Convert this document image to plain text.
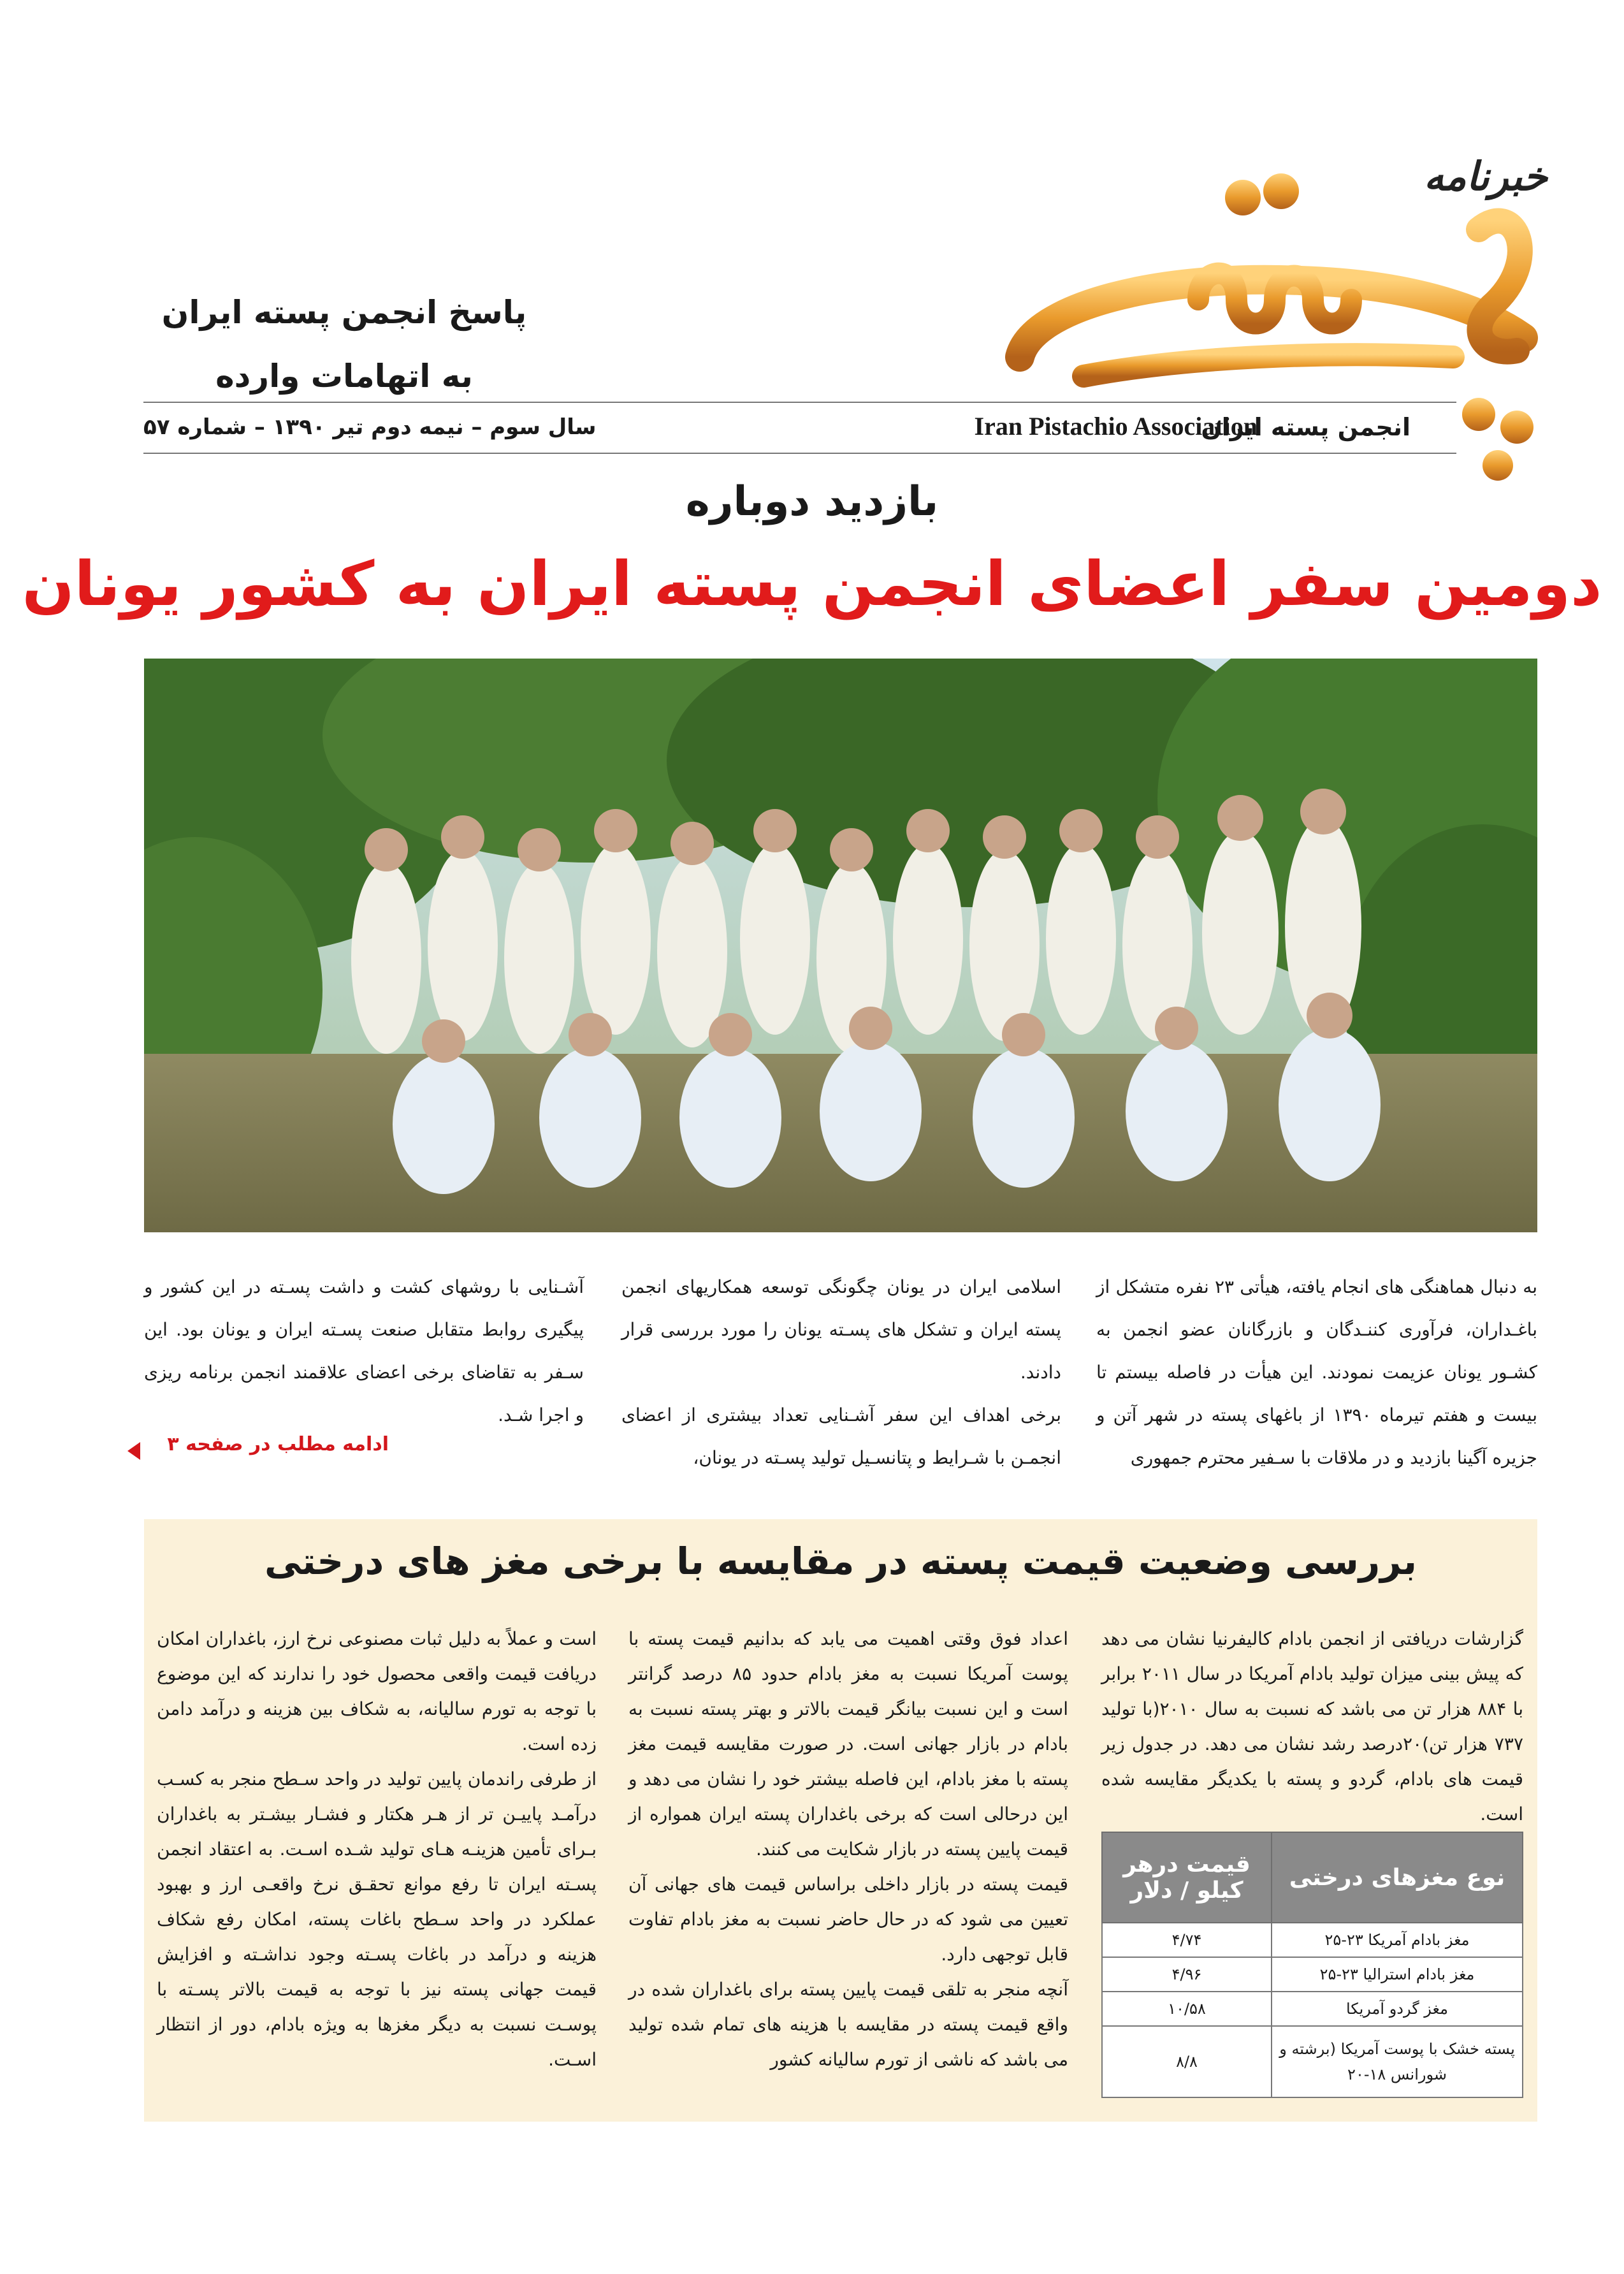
خبرنامه
پاسخ انجمن پسته ایران
به اتهامات وارده
انجمن پسته ایران
Iran Pistachio Association
سال سوم – نیمه دوم تیر ۱۳۹۰ – شماره ۵۷
بازدید دوباره
دومین سفر اعضای انجمن پسته ایران به کشور یونان
به دنبال هماهنگی های انجام یافته، هیأتی ۲۳ نفره متشکل از باغـداران، فرآوری کننـدگان و بازرگانان عضو انجمن به کشـور یونان عزیمت نمودند. این هیأت در فاصله بیستم تا بیست و هفتم تیرماه ۱۳۹۰ از باغهای پسته در شهر آتن و جزیره آگینا بازدید و در ملاقات با سـفیر محترم جمهوری
اسلامی ایران در یونان چگونگی توسعه همکاریهای انجمن پسته ایران و تشکل های پسـته یونان را مورد بررسی قرار دادند.
برخی اهداف این سفر آشـنایی تعداد بیشتری از اعضای انجمـن با شـرایط و پتانسـیل تولید پسـته در یونان،
آشـنایی با روشهای کشت و داشت پسـته در این کشور و پیگیری روابط متقابل صنعت پسـته ایران و یونان بود. این سـفر به تقاضای برخی اعضای علاقمند انجمن برنامه ریزی و اجرا شـد.
ادامه مطلب در صفحه ۳
بررسی وضعیت قیمت پسته در مقایسه با برخی مغز های درختی
گزارشات دریافتی از انجمن بادام کالیفرنیا نشان می دهد که پیش بینی میزان تولید بادام آمریکا در سال ۲۰۱۱ برابر با ۸۸۴ هزار تن می باشد که نسبت به سال ۲۰۱۰(با تولید ۷۳۷ هزار تن)۲۰درصد رشد نشان می دهد. در جدول زیر قیمت های بادام، گردو و پسته با یکدیگر مقایسه شده است.
اعداد فوق وقتی اهمیت می یابد که بدانیم قیمت پسته با پوست آمریکا نسبت به مغز بادام حدود ۸۵ درصد گرانتر است و این نسبت بیانگر قیمت بالاتر و بهتر پسته نسبت به بادام در بازار جهانی است. در صورت مقایسه قیمت مغز پسته با مغز بادام، این فاصله بیشتر خود را نشان می دهد و این درحالی است که برخی باغداران پسته ایران همواره از قیمت پایین پسته در بازار شکایت می کنند.
قیمت پسته در بازار داخلی براساس قیمت های جهانی آن تعیین می شود که در حال حاضر نسبت به مغز بادام تفاوت قابل توجهی دارد.
آنچه منجر به تلقی قیمت پایین پسته برای باغداران شده در واقع قیمت پسته در مقایسه با هزینه های تمام شده تولید می باشد که ناشی از تورم سالیانه کشور
است و عملاً به دلیل ثبات مصنوعی نرخ ارز، باغداران امکان دریافت قیمت واقعی محصول خود را ندارند که این موضوع با توجه به تورم سالیانه، به شکاف بین هزینه و درآمد دامن زده است.
از طرفی راندمان پایین تولید در واحد سـطح منجر به کسـب درآمـد پاییـن تر از هـر هکتار و فشـار بیشـتر به باغداران بـرای تأمین هزینـه هـای تولید شـده اسـت. به اعتقاد انجمن پسـته ایران تا رفع موانع تحقـق نرخ واقعـی ارز و بهبود عملکرد در واحد سـطح باغات پسته، امکان رفع شکاف هزینه و درآمد در باغات پسـته وجود نداشـته و افزایش قیمت جهانی پسته نیز با توجه به قیمت بالاتر پسـته با پوسـت نسبت به دیگر مغزها به ویژه بادام، دور از انتظار اسـت.
نوع مغزهای درختی	قیمت درهر کیلو / دلار
مغز بادام آمریکا ۲۳-۲۵	۴/۷۴
مغز بادام استرالیا ۲۳-۲۵	۴/۹۶
مغز گردو آمریکا	۱۰/۵۸
پسته خشک با پوست آمریکا (برشته و شورانس ۱۸-۲۰	۸/۸
